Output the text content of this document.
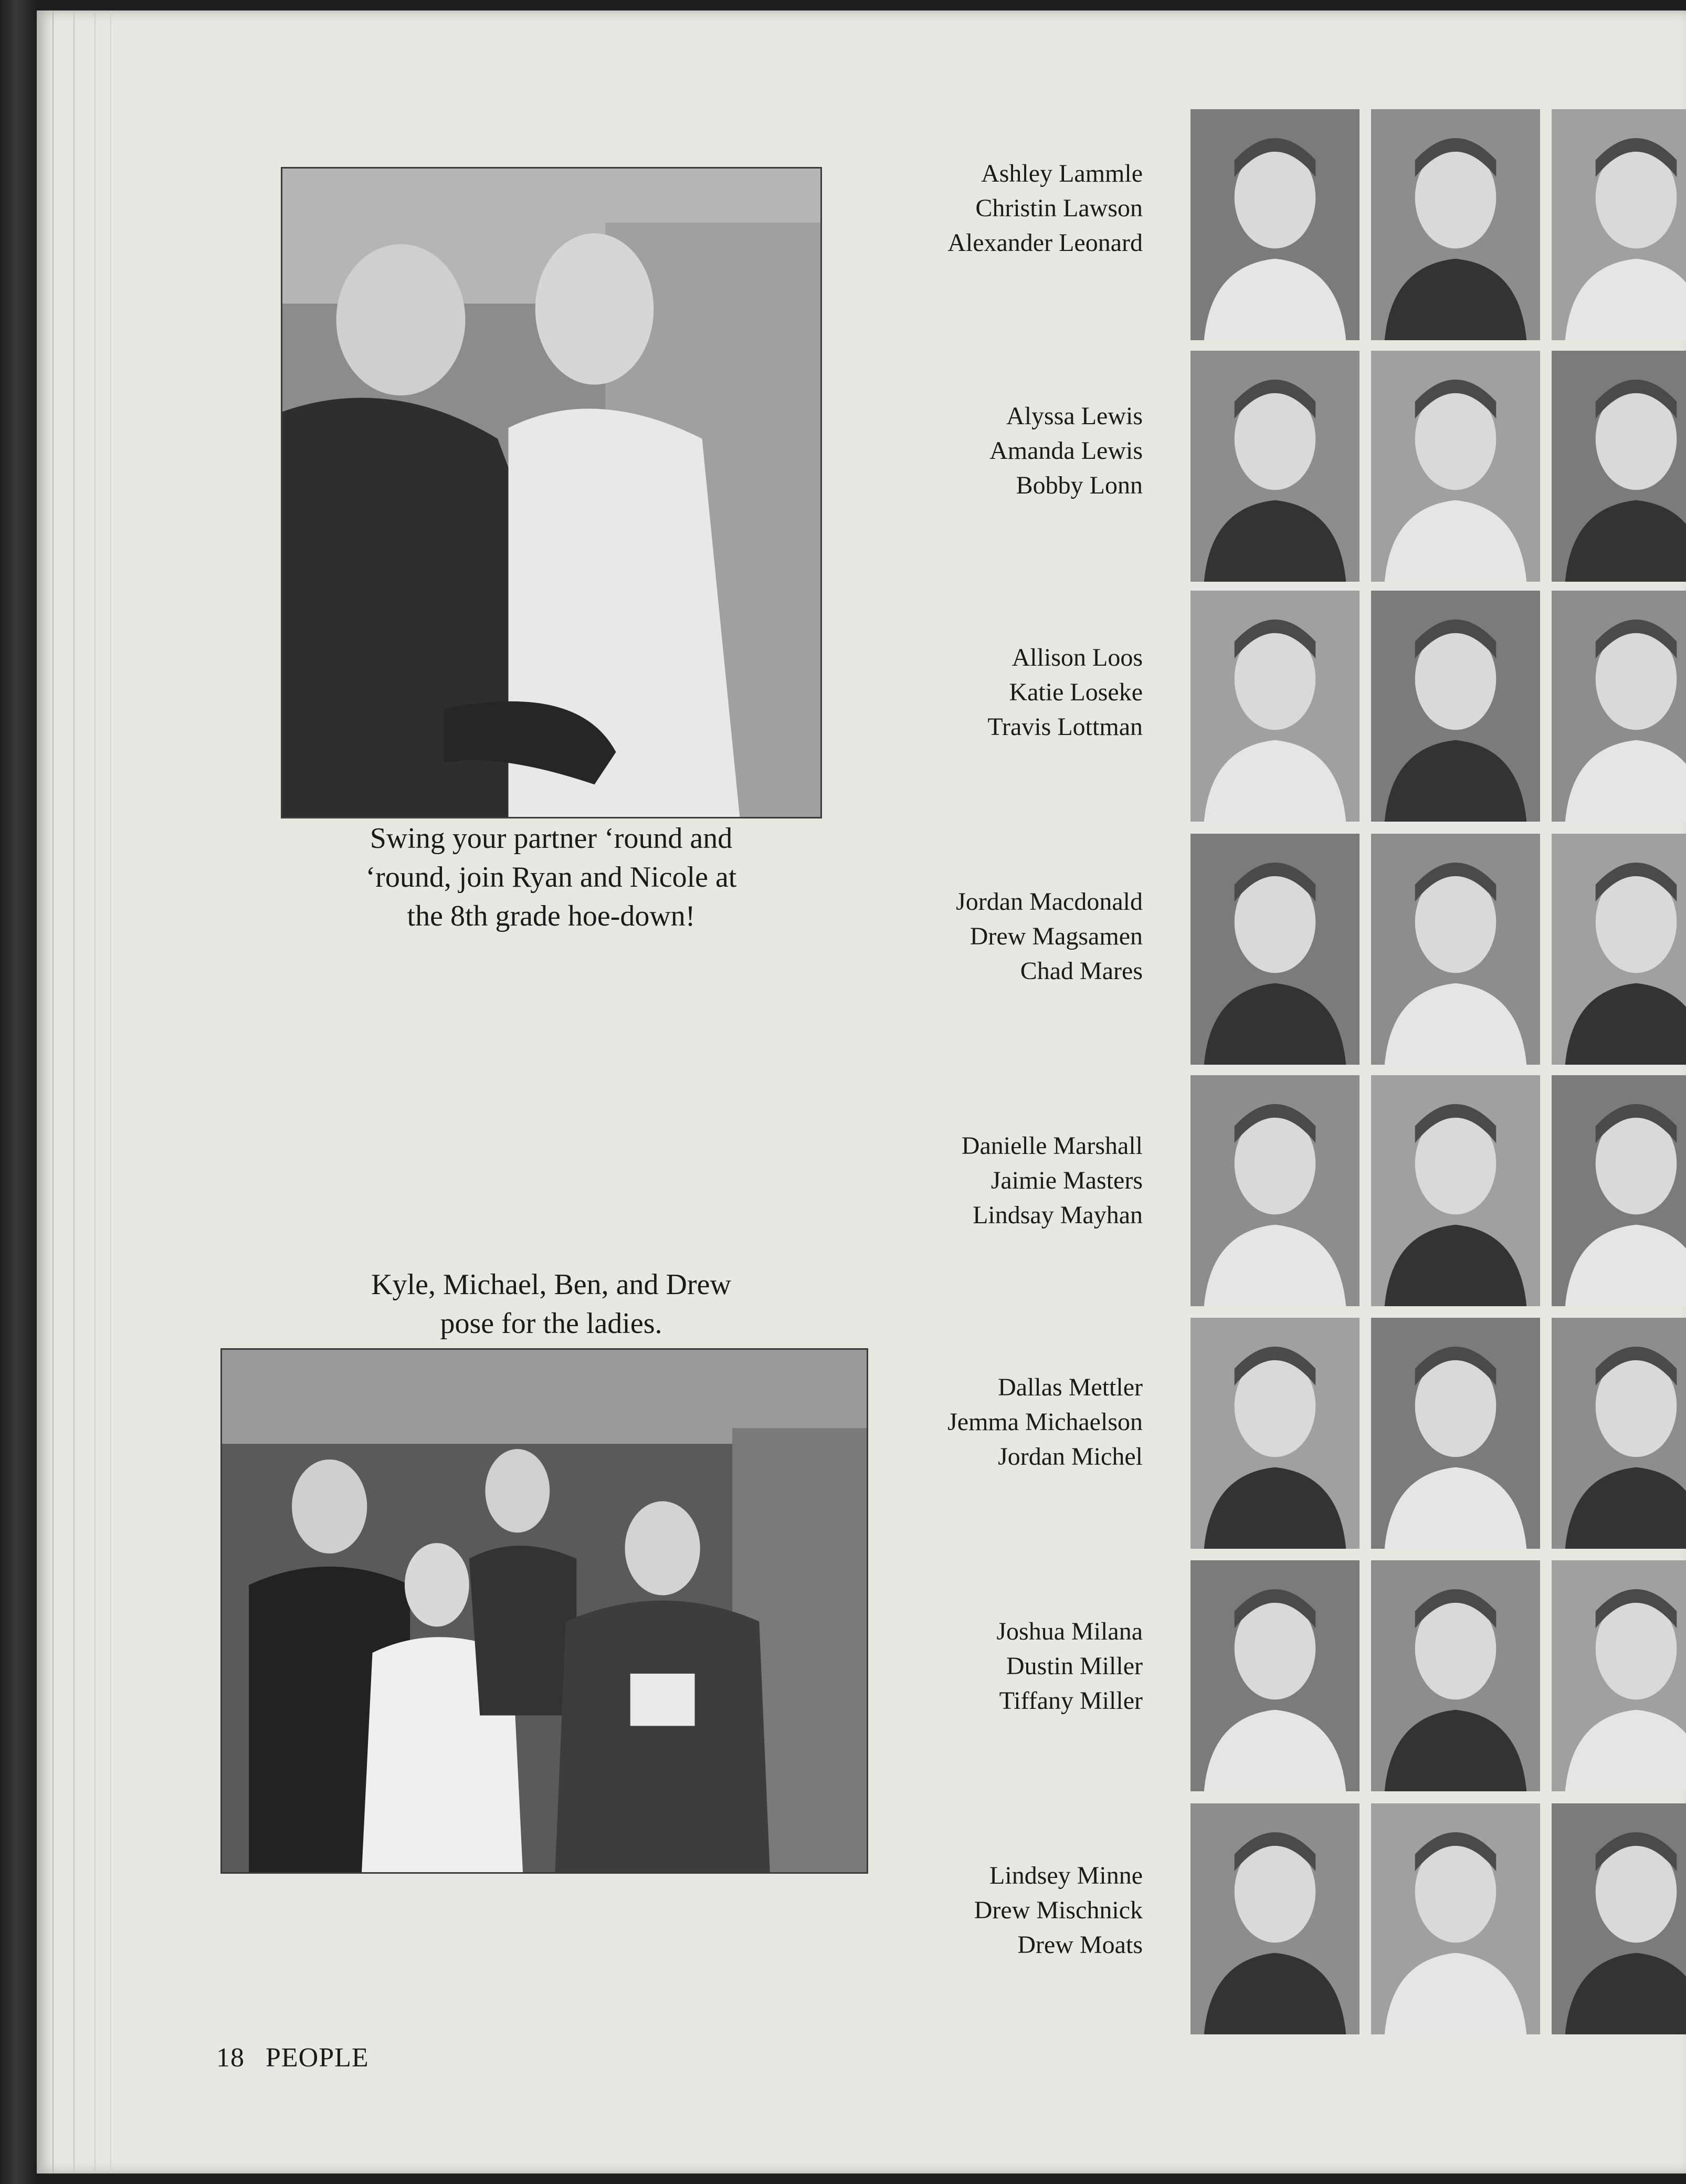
Swing your partner ‘round and
‘round, join Ryan and Nicole at
the 8th grade hoe-down!
Kyle, Michael, Ben, and Drew
pose for the ladies.
Ashley Lammle
Christin Lawson
Alexander Leonard
Alyssa Lewis
Amanda Lewis
Bobby Lonn
Allison Loos
Katie Loseke
Travis Lottman
Jordan Macdonald
Drew Magsamen
Chad Mares
Danielle Marshall
Jaimie Masters
Lindsay Mayhan
Dallas Mettler
Jemma Michaelson
Jordan Michel
Joshua Milana
Dustin Miller
Tiffany Miller
Lindsey Minne
Drew Mischnick
Drew Moats
18 PEOPLE
